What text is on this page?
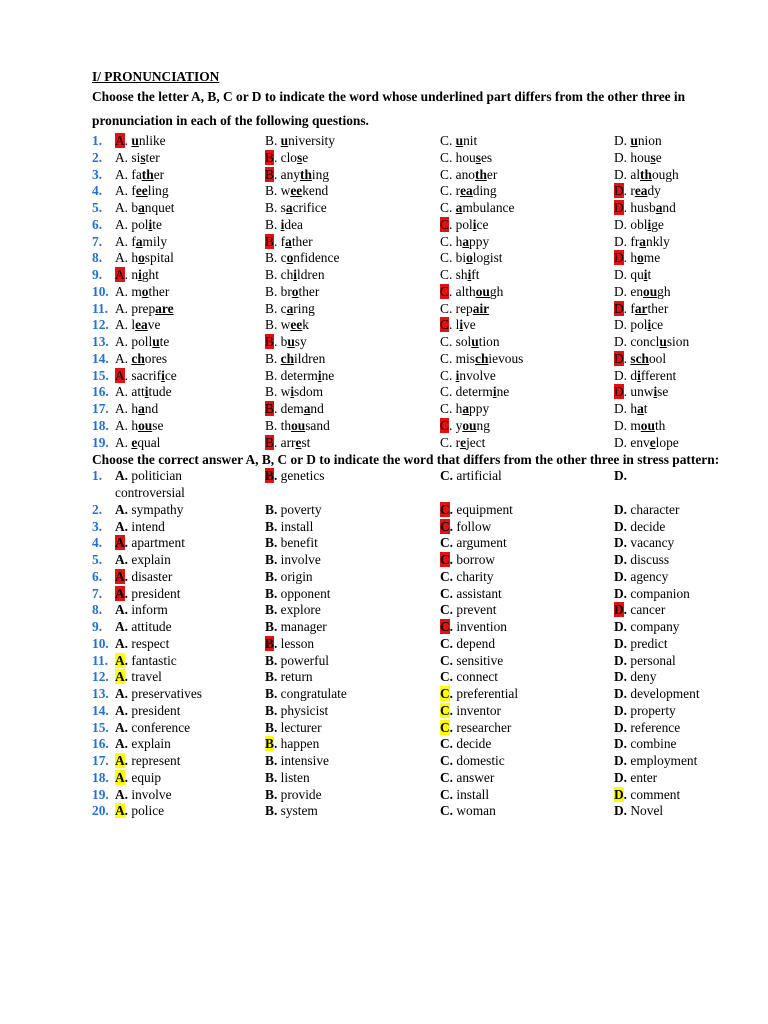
I/ PRONUNCIATION
Choose the letter A, B, C or D to indicate the word whose underlined part differs from the other three in pronunciation in each of the following questions.
1. A. unlike	B. university	C. unit	D. union
2. A. sister	B. close	C. houses	D. house
3. A. father	B. anything	C. another	D. although
4. A. feeling	B. weekend	C. reading	D. ready
5. A. banquet	B. sacrifice	C. ambulance	D. husband
6. A. polite	B. idea	C. police	D. oblige
7. A. family	B. father	C. happy	D. frankly
8. A. hospital	B. confidence	C. biologist	D. home
9. A. night	B. children	C. shift	D. quit
10. A. mother	B. brother	C. although	D. enough
11. A. prepare	B. caring	C. repair	D. farther
12. A. leave	B. week	C. live	D. police
13. A. pollute	B. busy	C. solution	D. conclusion
14. A. chores	B. children	C. mischievous	D. school
15. A. sacrifice	B. determine	C. involve	D. different
16. A. attitude	B. wisdom	C. determine	D. unwise
17. A. hand	B. demand	C. happy	D. hat
18. A. house	B. thousand	C. young	D. mouth
19. A. equal	B. arrest	C. reject	D. envelope
Choose the correct answer A, B, C or D to indicate the word that differs from the other three in stress pattern:
1. A. politician	B. genetics	C. artificial	D.
controversial
2. A. sympathy	B. poverty	C. equipment	D. character
3. A. intend	B. install	C. follow	D. decide
4. A. apartment	B. benefit	C. argument	D. vacancy
5. A. explain	B. involve	C. borrow	D. discuss
6. A. disaster	B. origin	C. charity	D. agency
7. A. president	B. opponent	C. assistant	D. companion
8. A. inform	B. explore	C. prevent	D. cancer
9. A. attitude	B. manager	C. invention	D. company
10. A. respect	B. lesson	C. depend	D. predict
11. A. fantastic	B. powerful	C. sensitive	D. personal
12. A. travel	B. return	C. connect	D. deny
13. A. preservatives	B. congratulate	C. preferential	D. development
14. A. president	B. physicist	C. inventor	D. property
15. A. conference	B. lecturer	C. researcher	D. reference
16. A. explain	B. happen	C. decide	D. combine
17. A. represent	B. intensive	C. domestic	D. employment
18. A. equip	B. listen	C. answer	D. enter
19. A. involve	B. provide	C. install	D. comment
20. A. police	B. system	C. woman	D. Novel
